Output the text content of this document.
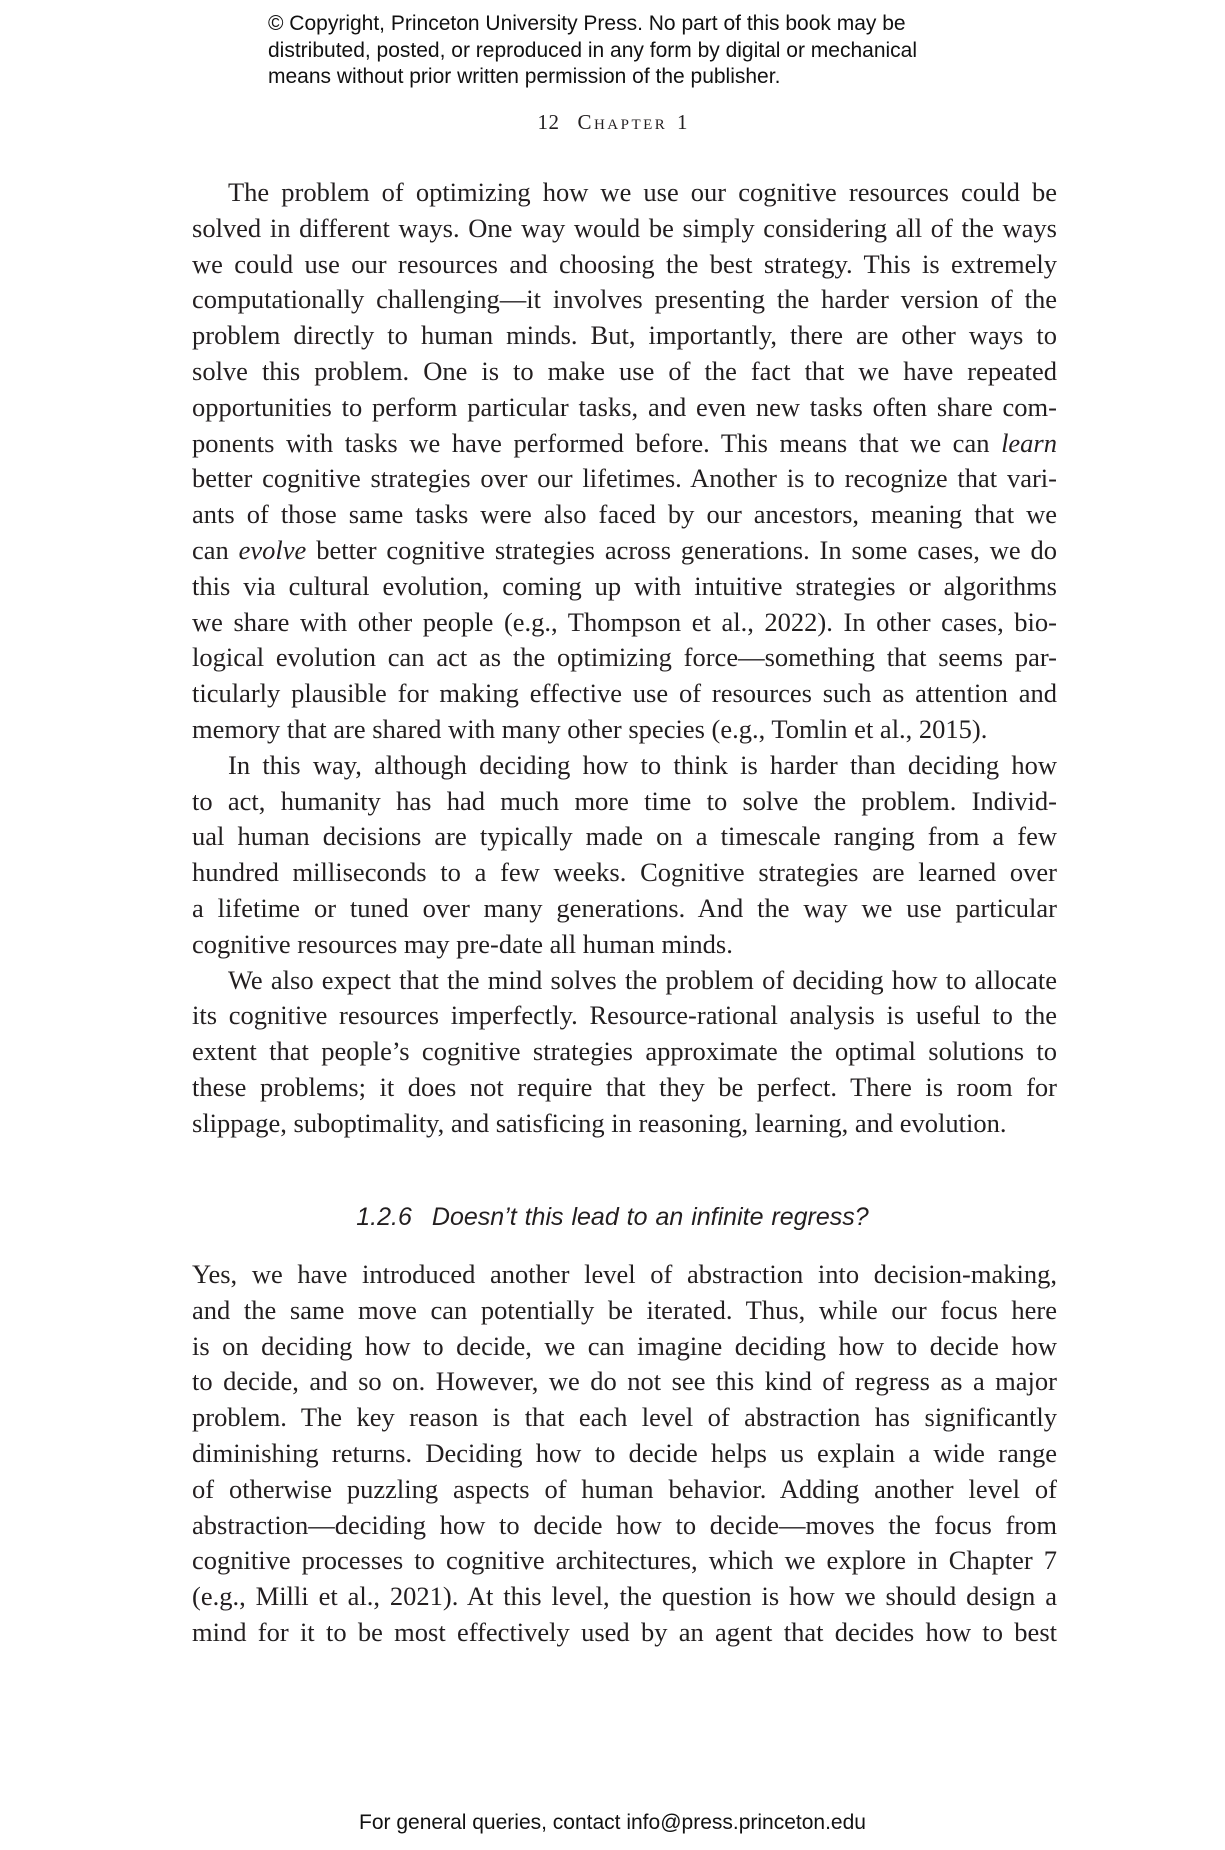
© Copyright, Princeton University Press. No part of this book may be
distributed, posted, or reproduced in any form by digital or mechanical
means without prior written permission of the publisher.
12 Chapter 1
The problem of optimizing how we use our cognitive resources could be
solved in different ways. One way would be simply considering all of the ways
we could use our resources and choosing the best strategy. This is extremely
computationally challenging—it involves presenting the harder version of the
problem directly to human minds. But, importantly, there are other ways to
solve this problem. One is to make use of the fact that we have repeated
opportunities to perform particular tasks, and even new tasks often share com-
ponents with tasks we have performed before. This means that we can learn
better cognitive strategies over our lifetimes. Another is to recognize that vari-
ants of those same tasks were also faced by our ancestors, meaning that we
can evolve better cognitive strategies across generations. In some cases, we do
this via cultural evolution, coming up with intuitive strategies or algorithms
we share with other people (e.g., Thompson et al., 2022). In other cases, bio-
logical evolution can act as the optimizing force—something that seems par-
ticularly plausible for making effective use of resources such as attention and
memory that are shared with many other species (e.g., Tomlin et al., 2015).
In this way, although deciding how to think is harder than deciding how
to act, humanity has had much more time to solve the problem. Individ-
ual human decisions are typically made on a timescale ranging from a few
hundred milliseconds to a few weeks. Cognitive strategies are learned over
a lifetime or tuned over many generations. And the way we use particular
cognitive resources may pre-date all human minds.
We also expect that the mind solves the problem of deciding how to allocate
its cognitive resources imperfectly. Resource-rational analysis is useful to the
extent that people’s cognitive strategies approximate the optimal solutions to
these problems; it does not require that they be perfect. There is room for
slippage, suboptimality, and satisficing in reasoning, learning, and evolution.
1.2.6 Doesn’t this lead to an infinite regress?
Yes, we have introduced another level of abstraction into decision-making,
and the same move can potentially be iterated. Thus, while our focus here
is on deciding how to decide, we can imagine deciding how to decide how
to decide, and so on. However, we do not see this kind of regress as a major
problem. The key reason is that each level of abstraction has significantly
diminishing returns. Deciding how to decide helps us explain a wide range
of otherwise puzzling aspects of human behavior. Adding another level of
abstraction—deciding how to decide how to decide—moves the focus from
cognitive processes to cognitive architectures, which we explore in Chapter 7
(e.g., Milli et al., 2021). At this level, the question is how we should design a
mind for it to be most effectively used by an agent that decides how to best
For general queries, contact info@press.princeton.edu
